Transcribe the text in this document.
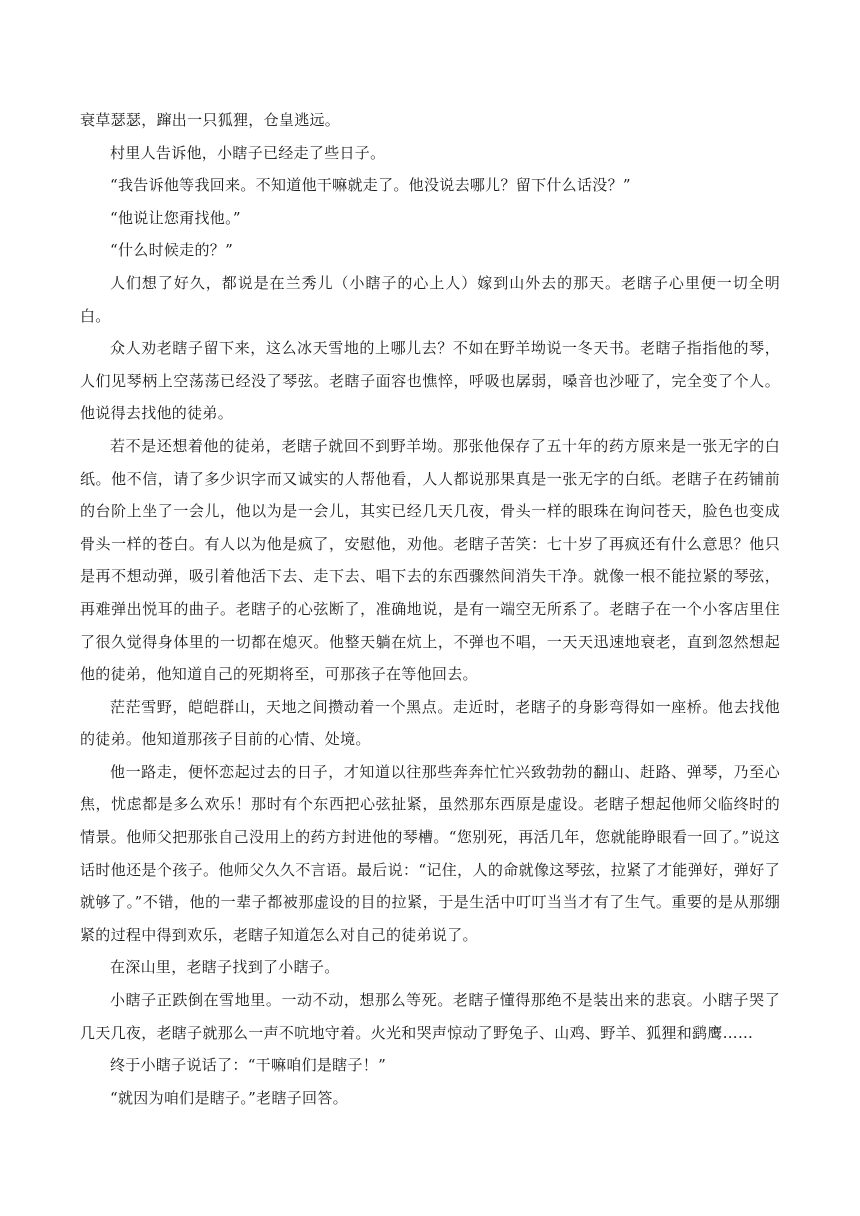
衰草瑟瑟，蹿出一只狐狸，仓皇逃远。

村里人告诉他，小瞎子已经走了些日子。

“我告诉他等我回来。不知道他干嘛就走了。他没说去哪儿？留下什么话没？”

“他说让您甭找他。”

“什么时候走的？”

人们想了好久，都说是在兰秀儿（小瞎子的心上人）嫁到山外去的那天。老瞎子心里便一切全明白。

众人劝老瞎子留下来，这么冰天雪地的上哪儿去？不如在野羊坳说一冬天书。老瞎子指指他的琴，人们见琴柄上空荡荡已经没了琴弦。老瞎子面容也憔悴，呼吸也孱弱，嗓音也沙哑了，完全变了个人。他说得去找他的徒弟。

若不是还想着他的徒弟，老瞎子就回不到野羊坳。那张他保存了五十年的药方原来是一张无字的白纸。他不信，请了多少识字而又诚实的人帮他看，人人都说那果真是一张无字的白纸。老瞎子在药铺前的台阶上坐了一会儿，他以为是一会儿，其实已经几天几夜，骨头一样的眼珠在询问苍天，脸色也变成骨头一样的苍白。有人以为他是疯了，安慰他，劝他。老瞎子苦笑：七十岁了再疯还有什么意思？他只是再不想动弹，吸引着他活下去、走下去、唱下去的东西骤然间消失干净。就像一根不能拉紧的琴弦，再难弹出悦耳的曲子。老瞎子的心弦断了，准确地说，是有一端空无所系了。老瞎子在一个小客店里住了很久觉得身体里的一切都在熄灭。他整天躺在炕上，不弹也不唱，一天天迅速地衰老，直到忽然想起他的徒弟，他知道自己的死期将至，可那孩子在等他回去。

茫茫雪野，皑皑群山，天地之间攒动着一个黑点。走近时，老瞎子的身影弯得如一座桥。他去找他的徒弟。他知道那孩子目前的心情、处境。

他一路走，便怀恋起过去的日子，才知道以往那些奔奔忙忙兴致勃勃的翻山、赶路、弹琴，乃至心焦，忧虑都是多么欢乐！那时有个东西把心弦扯紧，虽然那东西原是虚设。老瞎子想起他师父临终时的情景。他师父把那张自己没用上的药方封进他的琴槽。“您别死，再活几年，您就能睁眼看一回了。”说这话时他还是个孩子。他师父久久不言语。最后说：“记住，人的命就像这琴弦，拉紧了才能弹好，弹好了就够了。”不错，他的一辈子都被那虚设的目的拉紧，于是生活中叮叮当当才有了生气。重要的是从那绷紧的过程中得到欢乐，老瞎子知道怎么对自己的徒弟说了。

在深山里，老瞎子找到了小瞎子。

小瞎子正跌倒在雪地里。一动不动，想那么等死。老瞎子懂得那绝不是装出来的悲哀。小瞎子哭了几天几夜，老瞎子就那么一声不吭地守着。火光和哭声惊动了野兔子、山鸡、野羊、狐狸和鹞鹰……

终于小瞎子说话了：“干嘛咱们是瞎子！”

“就因为咱们是瞎子。”老瞎子回答。
